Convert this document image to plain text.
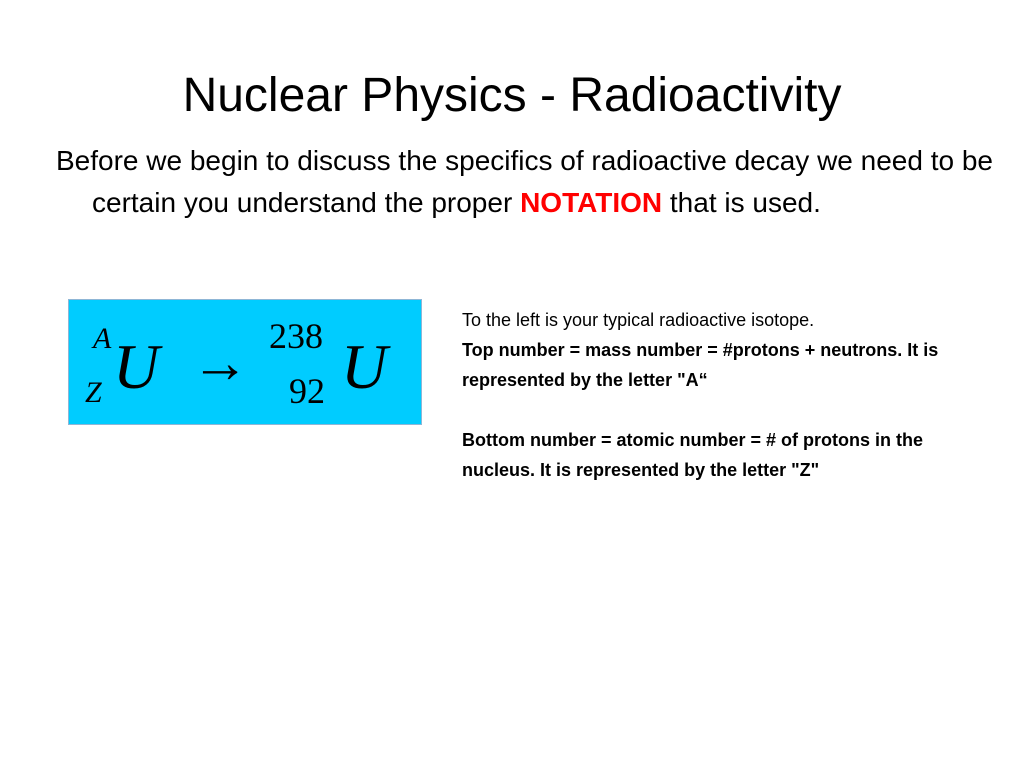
Nuclear Physics - Radioactivity

Before we begin to discuss the specifics of radioactive decay we need to be certain you understand the proper NOTATION that is used.

A
Z U → 238
92 U

To the left is your typical radioactive isotope.

Top number = mass number = #protons + neutrons. It is represented by the letter "A“

Bottom number = atomic number = # of protons in the nucleus. It is represented by the letter "Z"
